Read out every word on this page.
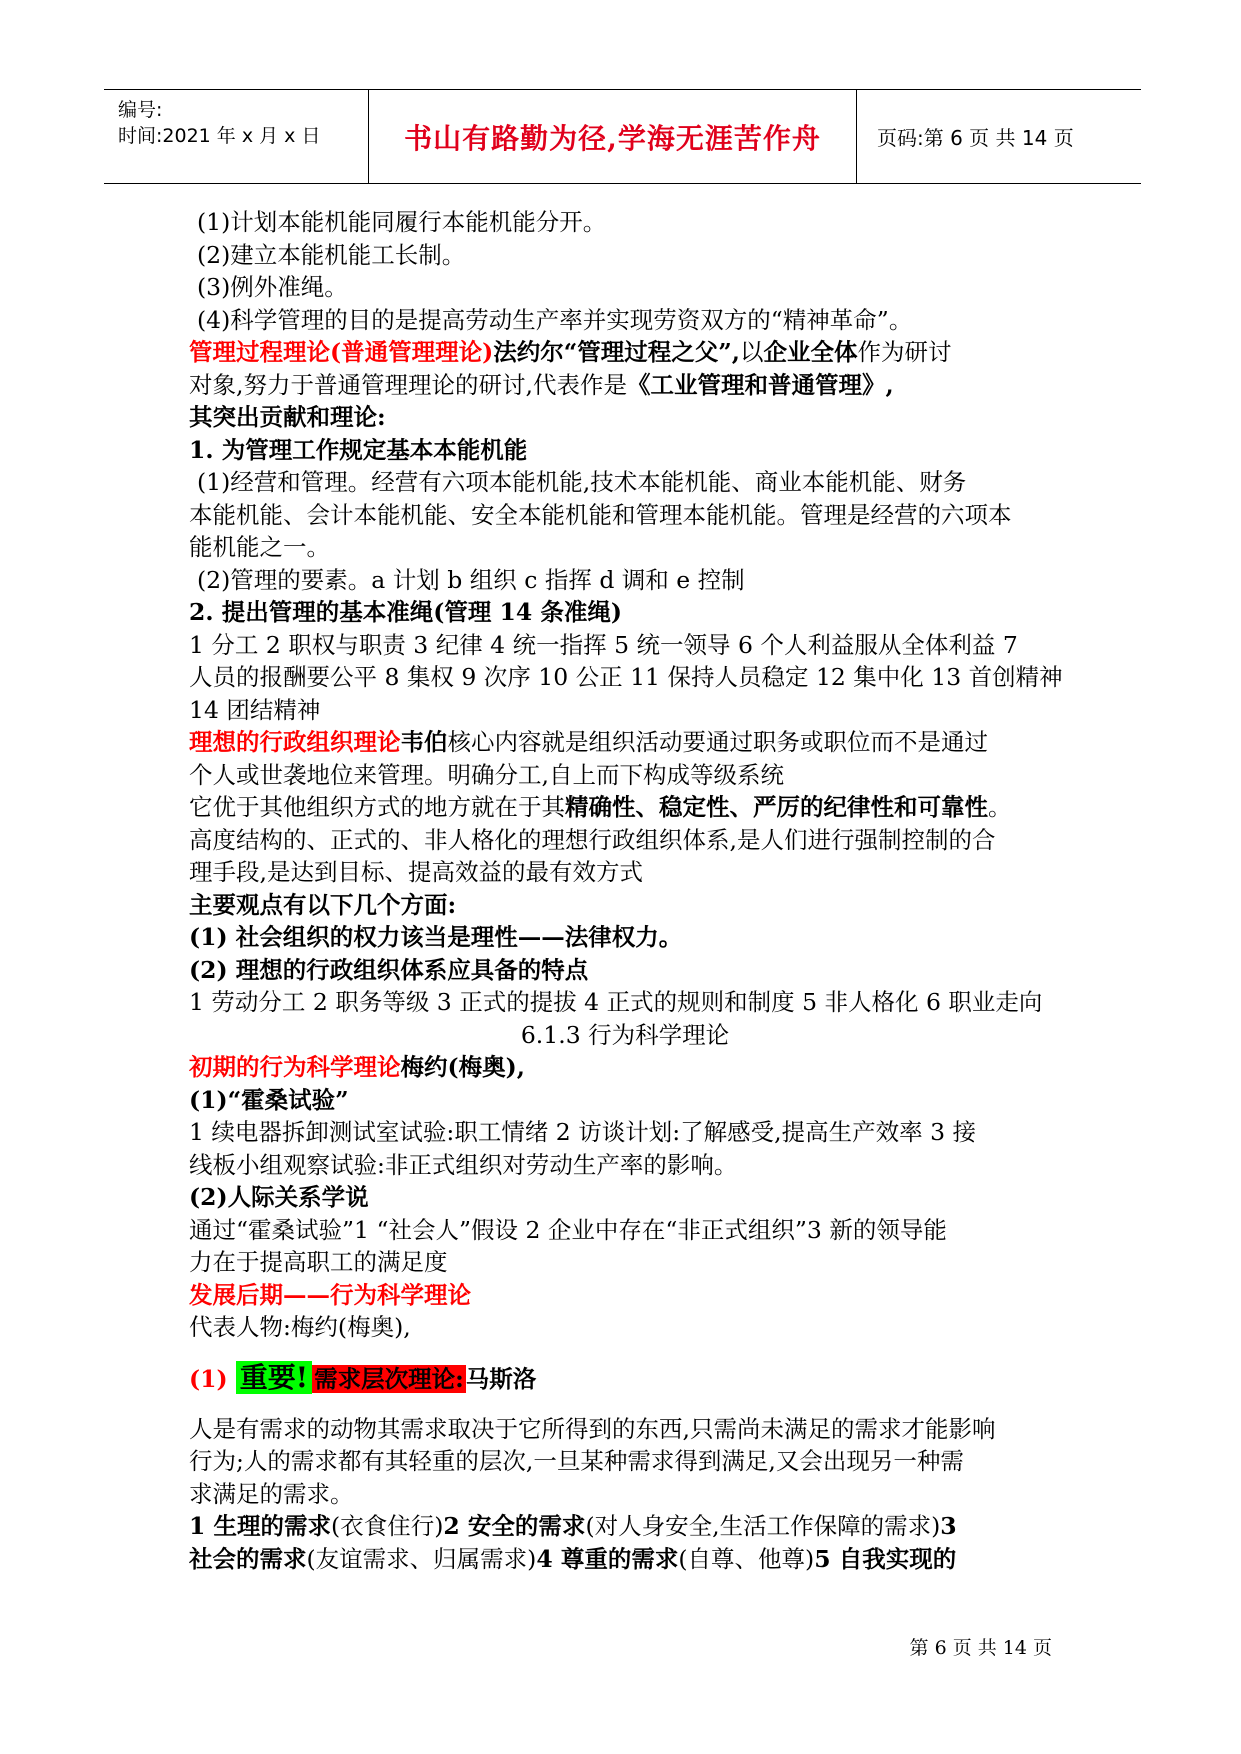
编号:
时间:2021 年 x 月 x 日	书山有路勤为径,学海无涯苦作舟	页码:第 6 页 共 14 页
(1)计划本能机能同履行本能机能分开。
(2)建立本能机能工长制。
(3)例外准绳。
(4)科学管理的目的是提高劳动生产率并实现劳资双方的“精神革命”。
管理过程理论(普通管理理论)法约尔“管理过程之父”,以企业全体作为研讨
对象,努力于普通管理理论的研讨,代表作是《工业管理和普通管理》,
其突出贡献和理论:
1. 为管理工作规定基本本能机能
(1)经营和管理。经营有六项本能机能,技术本能机能、商业本能机能、财务
本能机能、会计本能机能、安全本能机能和管理本能机能。管理是经营的六项本
能机能之一。
(2)管理的要素。a 计划 b 组织 c 指挥 d 调和 e 控制
2. 提出管理的基本准绳(管理 14 条准绳)
1 分工 2 职权与职责 3 纪律 4 统一指挥 5 统一领导 6 个人利益服从全体利益 7
人员的报酬要公平 8 集权 9 次序 10 公正 11 保持人员稳定 12 集中化 13 首创精神
14 团结精神
理想的行政组织理论韦伯核心内容就是组织活动要通过职务或职位而不是通过
个人或世袭地位来管理。明确分工,自上而下构成等级系统
它优于其他组织方式的地方就在于其精确性、稳定性、严厉的纪律性和可靠性。
高度结构的、正式的、非人格化的理想行政组织体系,是人们进行强制控制的合
理手段,是达到目标、提高效益的最有效方式
主要观点有以下几个方面:
(1) 社会组织的权力该当是理性——法律权力。
(2) 理想的行政组织体系应具备的特点
1 劳动分工 2 职务等级 3 正式的提拔 4 正式的规则和制度 5 非人格化 6 职业走向
6.1.3 行为科学理论
初期的行为科学理论梅约(梅奥),
(1)“霍桑试验”
1 续电器拆卸测试室试验:职工情绪 2 访谈计划:了解感受,提高生产效率 3 接
线板小组观察试验:非正式组织对劳动生产率的影响。
(2)人际关系学说
通过“霍桑试验”1 “社会人”假设 2 企业中存在“非正式组织”3 新的领导能
力在于提高职工的满足度
发展后期——行为科学理论
代表人物:梅约(梅奥),
(1) 重要! 需求层次理论:马斯洛
人是有需求的动物其需求取决于它所得到的东西,只需尚未满足的需求才能影响
行为;人的需求都有其轻重的层次,一旦某种需求得到满足,又会出现另一种需
求满足的需求。
1 生理的需求(衣食住行)2 安全的需求(对人身安全,生活工作保障的需求)3
社会的需求(友谊需求、归属需求)4 尊重的需求(自尊、他尊)5 自我实现的
第 6 页 共 14 页
